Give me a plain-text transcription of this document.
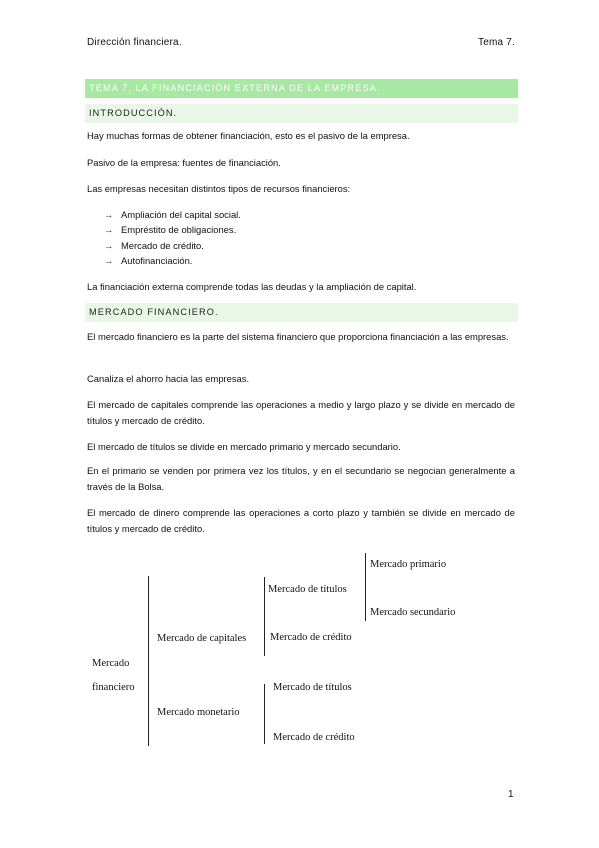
Dirección financiera.	Tema 7.
TEMA 7. LA FINANCIACIÓN EXTERNA DE LA EMPRESA.
INTRODUCCIÓN.

Hay muchas formas de obtener financiación, esto es el pasivo de la empresa.

Pasivo de la empresa: fuentes de financiación.

Las empresas necesitan distintos tipos de recursos financieros:

→ Ampliación del capital social.
→ Empréstito de obligaciones.
→ Mercado de crédito.
→ Autofinanciación.

La financiación externa comprende todas las deudas y la ampliación de capital.

MERCADO FINANCIERO.

El mercado financiero es la parte del sistema financiero que proporciona financiación a las empresas.

Canaliza el ahorro hacia las empresas.

El mercado de capitales comprende las operaciones a medio y largo plazo y se divide en mercado de títulos y mercado de crédito.

El mercado de títulos se divide en mercado primario y mercado secundario.

En el primario se venden por primera vez los títulos, y en el secundario se negocian generalmente a través de la Bolsa.

El mercado de dinero comprende las operaciones a corto plazo y también se divide en mercado de títulos y mercado de crédito.

Mercado
financiero
Mercado de capitales
Mercado monetario
Mercado de títulos
Mercado de crédito
Mercado primario
Mercado secundario
Mercado de títulos
Mercado de crédito
1
